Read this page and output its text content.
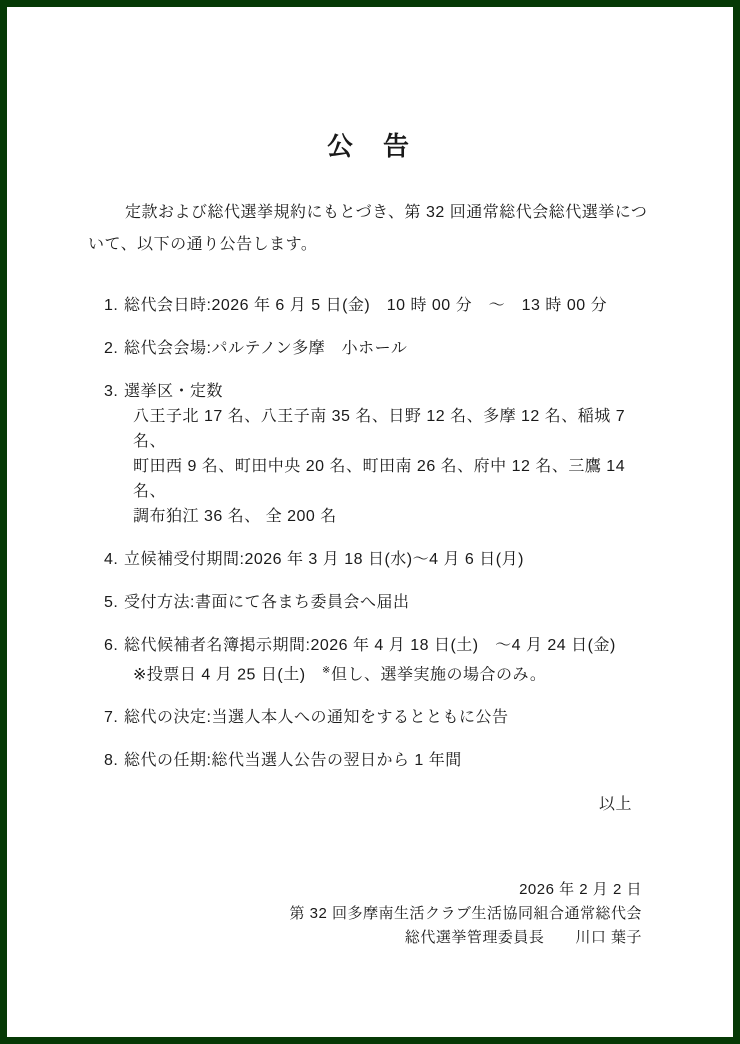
公　告

定款および総代選挙規約にもとづき、第 32 回通常総代会総代選挙について、以下の通り公告します。

1. 総代会日時:2026 年 6 月 5 日(金)　10 時 00 分　～　13 時 00 分
2. 総代会会場:パルテノン多摩　小ホール
3. 選挙区・定数
八王子北 17 名、八王子南 35 名、日野 12 名、多摩 12 名、稲城 7 名、
町田西 9 名、町田中央 20 名、町田南 26 名、府中 12 名、三鷹 14 名、
調布狛江 36 名、 全 200 名
4. 立候補受付期間:2026 年 3 月 18 日(水)～4 月 6 日(月)
5. 受付方法:書面にて各まち委員会へ届出
6. 総代候補者名簿掲示期間:2026 年 4 月 18 日(土)　～4 月 24 日(金)
※投票日 4 月 25 日(土)　※但し、選挙実施の場合のみ。
7. 総代の決定:当選人本人への通知をするとともに公告
8. 総代の任期:総代当選人公告の翌日から 1 年間
以上
2026 年 2 月 2 日
第 32 回多摩南生活クラブ生活協同組合通常総代会
総代選挙管理委員長　　川口 葉子
